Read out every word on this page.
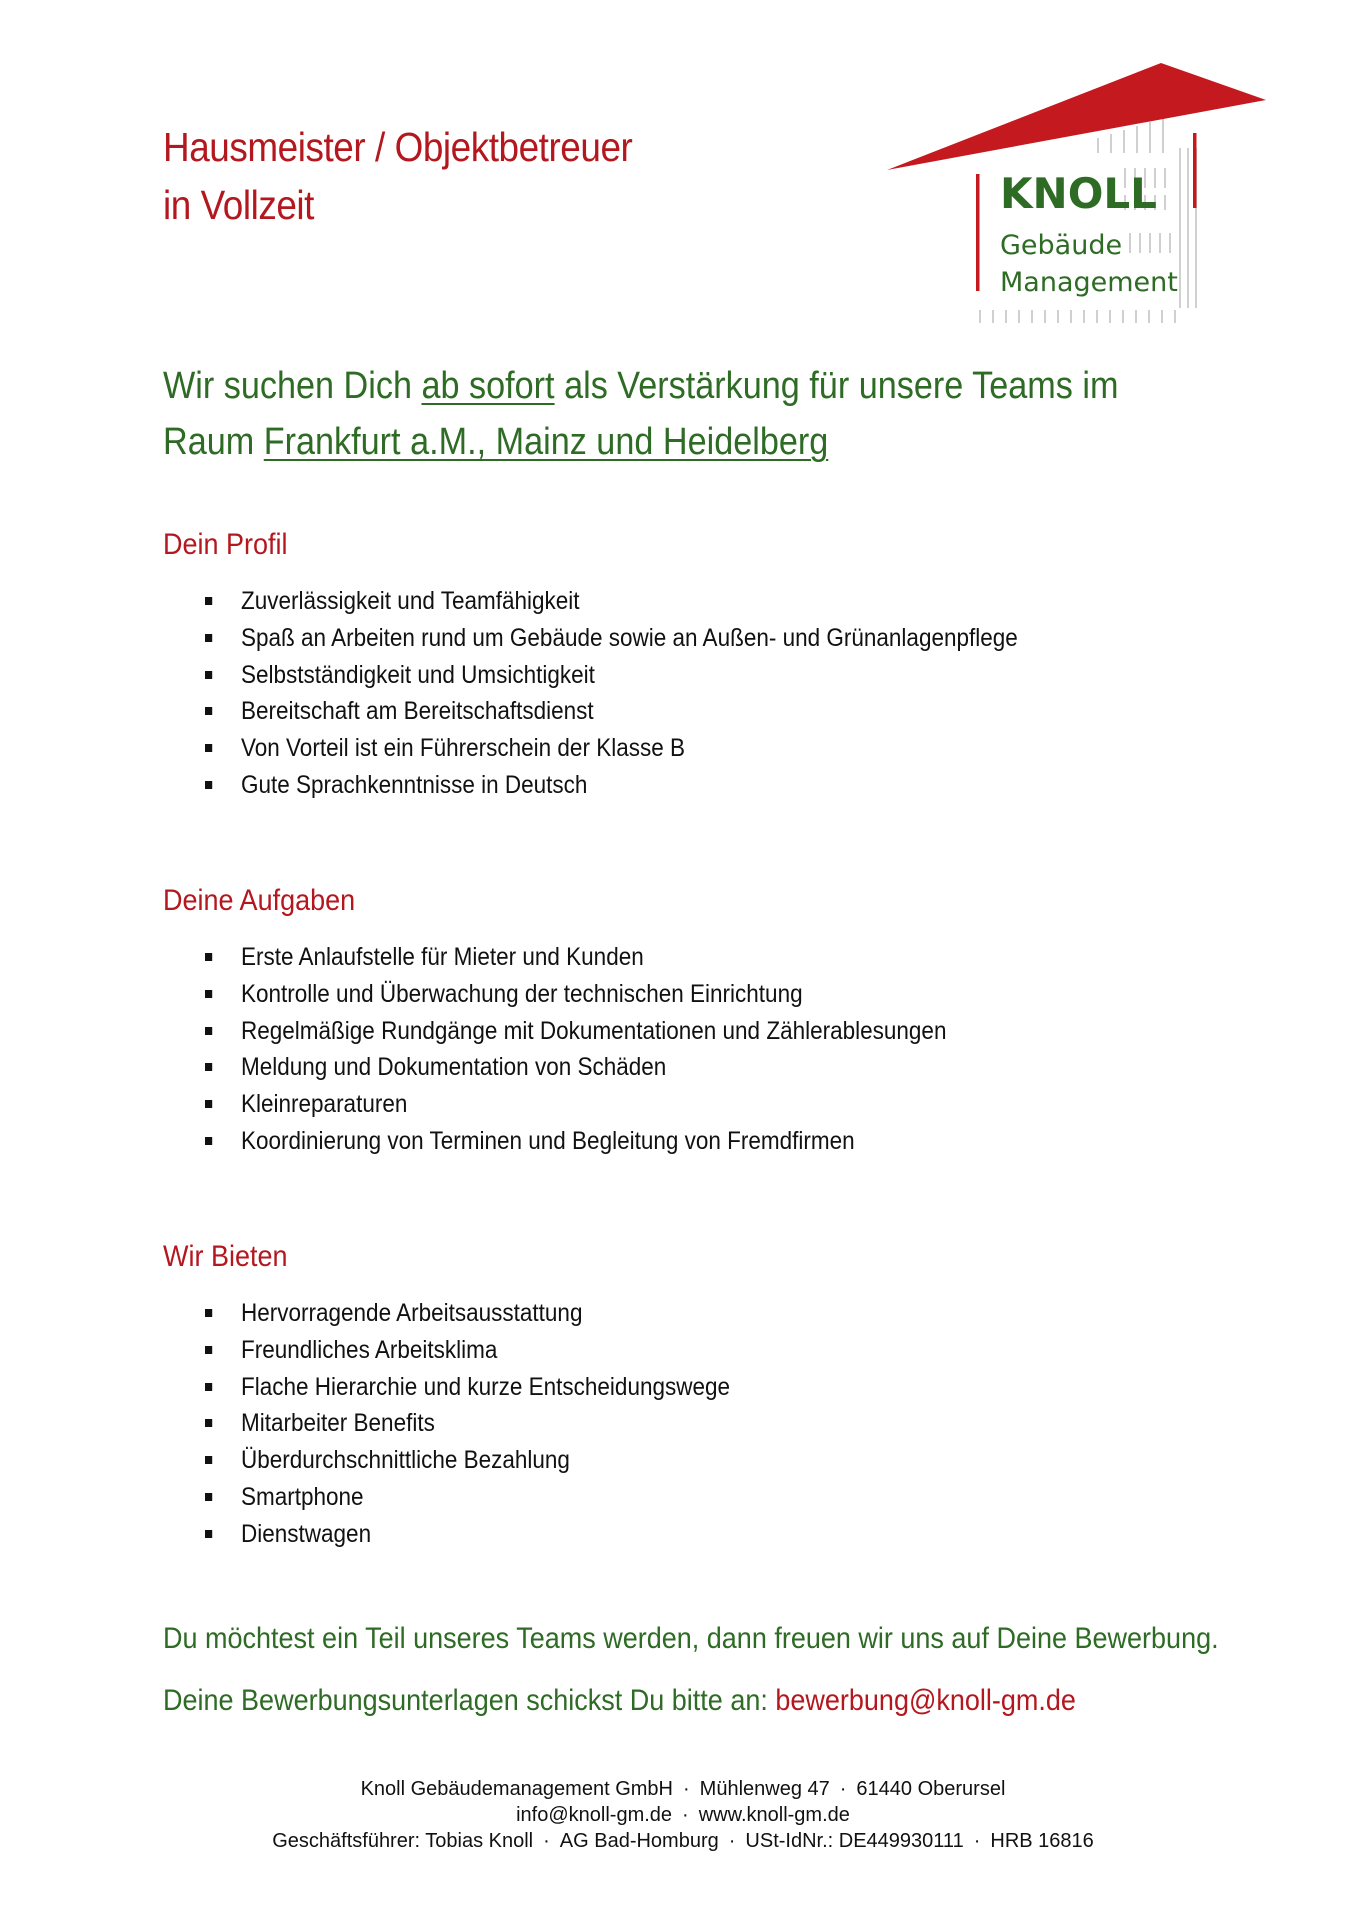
Hausmeister / Objektbetreuer
in Vollzeit	KNOLL
Gebäude
Management
Wir suchen Dich ab sofort als Verstärkung für unsere Teams im
Raum Frankfurt a.M., Mainz und Heidelberg
Dein Profil
Zuverlässigkeit und Teamfähigkeit
Spaß an Arbeiten rund um Gebäude sowie an Außen- und Grünanlagenpflege
Selbstständigkeit und Umsichtigkeit
Bereitschaft am Bereitschaftsdienst
Von Vorteil ist ein Führerschein der Klasse B
Gute Sprachkenntnisse in Deutsch
Deine Aufgaben
Erste Anlaufstelle für Mieter und Kunden
Kontrolle und Überwachung der technischen Einrichtung
Regelmäßige Rundgänge mit Dokumentationen und Zählerablesungen
Meldung und Dokumentation von Schäden
Kleinreparaturen
Koordinierung von Terminen und Begleitung von Fremdfirmen
Wir Bieten
Hervorragende Arbeitsausstattung
Freundliches Arbeitsklima
Flache Hierarchie und kurze Entscheidungswege
Mitarbeiter Benefits
Überdurchschnittliche Bezahlung
Smartphone
Dienstwagen
Du möchtest ein Teil unseres Teams werden, dann freuen wir uns auf Deine Bewerbung.
Deine Bewerbungsunterlagen schickst Du bitte an: bewerbung@knoll-gm.de
Knoll Gebäudemanagement GmbH · Mühlenweg 47 · 61440 Oberursel
info@knoll-gm.de · www.knoll-gm.de
Geschäftsführer: Tobias Knoll · AG Bad-Homburg · USt-IdNr.: DE449930111 · HRB 16816
